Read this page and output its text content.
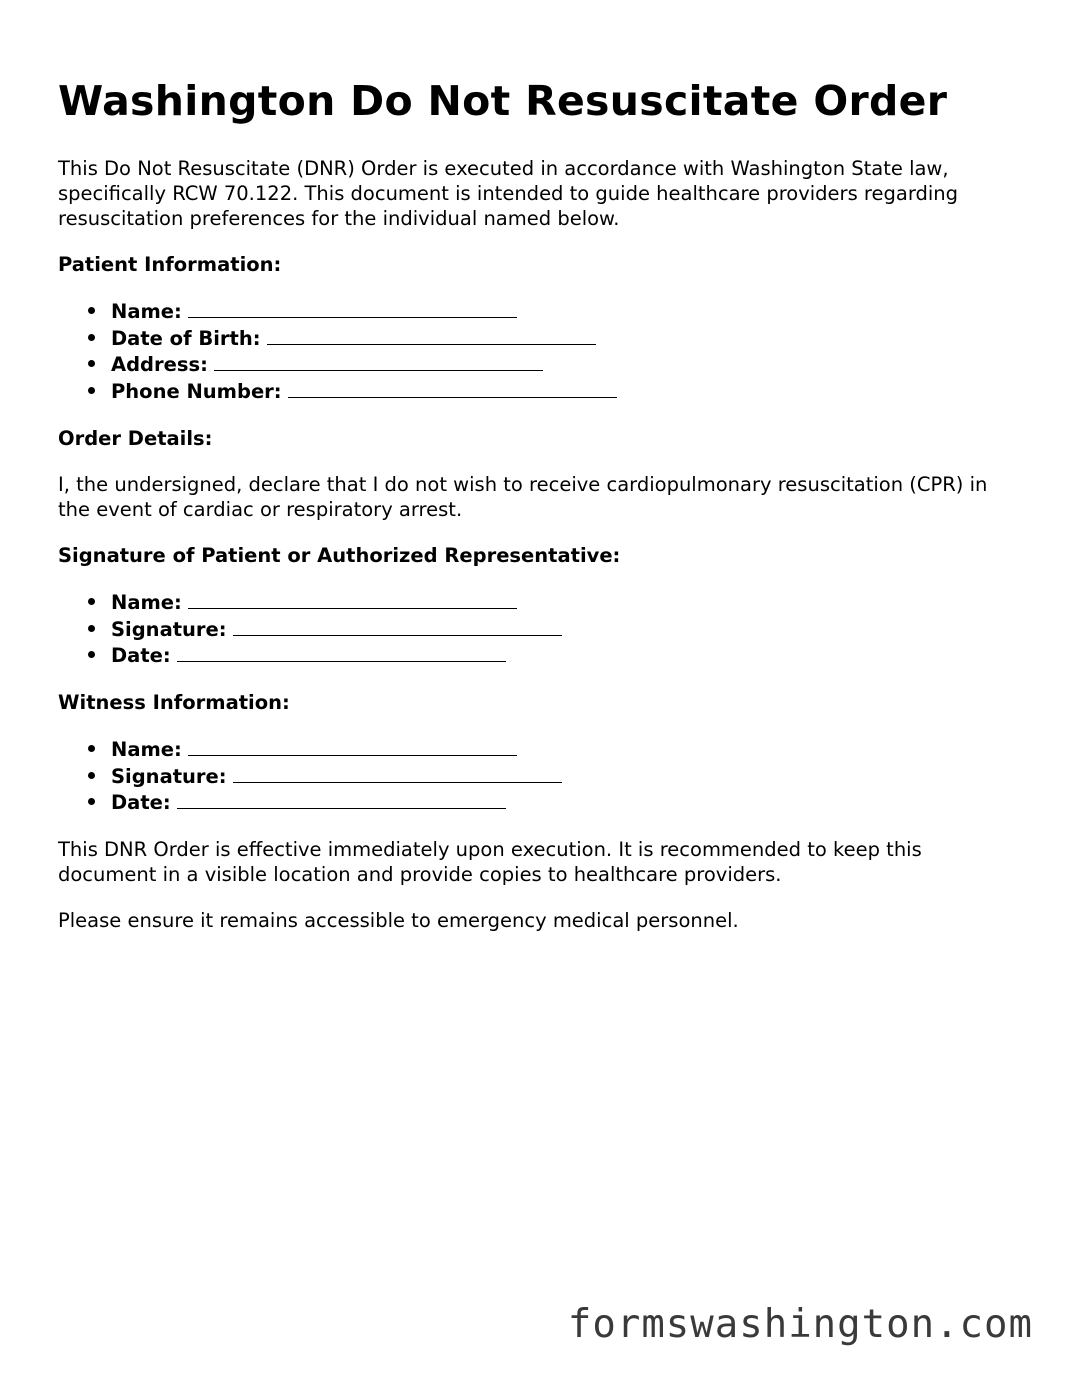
Washington Do Not Resuscitate Order

This Do Not Resuscitate (DNR) Order is executed in accordance with Washington State law, specifically RCW 70.122. This document is intended to guide healthcare providers regarding resuscitation preferences for the individual named below.

Patient Information:
Name:
Date of Birth:
Address:
Phone Number:
Order Details:

I, the undersigned, declare that I do not wish to receive cardiopulmonary resuscitation (CPR) in the event of cardiac or respiratory arrest.

Signature of Patient or Authorized Representative:
Name:
Signature:
Date:
Witness Information:
Name:
Signature:
Date:

This DNR Order is effective immediately upon execution. It is recommended to keep this document in a visible location and provide copies to healthcare providers.

Please ensure it remains accessible to emergency medical personnel.

formswashington.com
